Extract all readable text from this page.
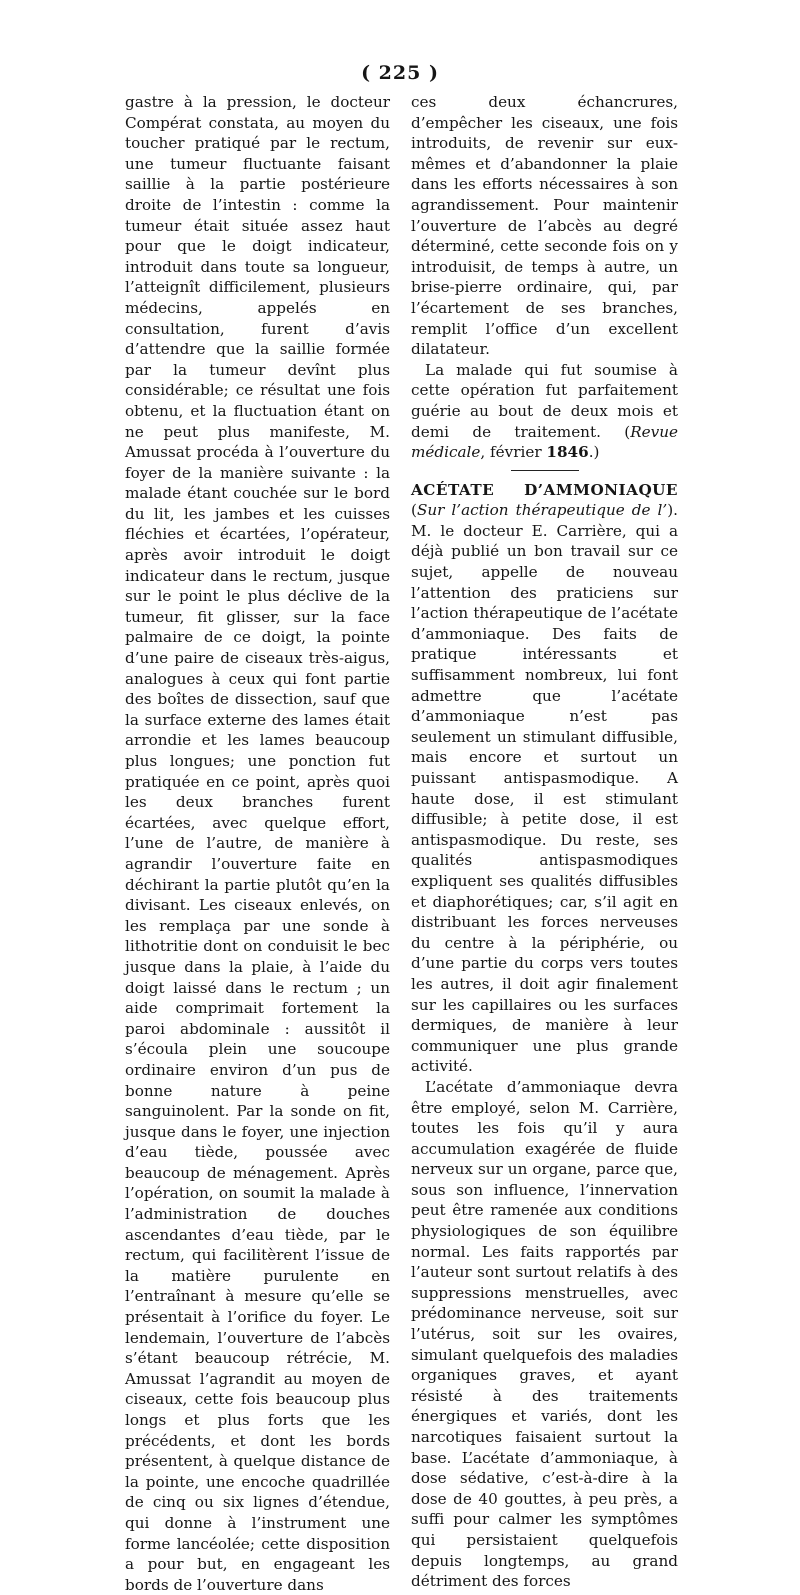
( 225 )

gastre à la pression, le docteur Compérat constata, au moyen du toucher pratiqué par le rectum, une tumeur fluctuante faisant saillie à la partie postérieure droite de l’intestin : comme la tumeur était située assez haut pour que le doigt indicateur, introduit dans toute sa longueur, l’atteignît difficilement, plusieurs médecins, appelés en consultation, furent d’avis d’attendre que la saillie formée par la tumeur devînt plus considérable; ce résultat une fois obtenu, et la fluctuation étant on ne peut plus manifeste, M. Amussat procéda à l’ouverture du foyer de la manière suivante : la malade étant couchée sur le bord du lit, les jambes et les cuisses fléchies et écartées, l’opérateur, après avoir introduit le doigt indicateur dans le rectum, jusque sur le point le plus déclive de la tumeur, fit glisser, sur la face palmaire de ce doigt, la pointe d’une paire de ciseaux très-aigus, analogues à ceux qui font partie des boîtes de dissection, sauf que la surface externe des lames était arrondie et les lames beaucoup plus longues; une ponction fut pratiquée en ce point, après quoi les deux branches furent écartées, avec quelque effort, l’une de l’autre, de manière à agrandir l’ouverture faite en déchirant la partie plutôt qu’en la divisant. Les ciseaux enlevés, on les remplaça par une sonde à lithotritie dont on conduisit le bec jusque dans la plaie, à l’aide du doigt laissé dans le rectum ; un aide comprimait fortement la paroi abdominale : aussitôt il s’écoula plein une soucoupe ordinaire environ d’un pus de bonne nature à peine sanguinolent. Par la sonde on fit, jusque dans le foyer, une injection d’eau tiède, poussée avec beaucoup de ménagement. Après l’opération, on soumit la malade à l’administration de douches ascendantes d’eau tiède, par le rectum, qui facilitèrent l’issue de la matière purulente en l’entraînant à mesure qu’elle se présentait à l’orifice du foyer. Le lendemain, l’ouverture de l’abcès s’étant beaucoup rétrécie, M. Amussat l’agrandit au moyen de ciseaux, cette fois beaucoup plus longs et plus forts que les précédents, et dont les bords présentent, à quelque distance de la pointe, une encoche quadrillée de cinq ou six lignes d’étendue, qui donne à l’instrument une forme lancéolée; cette disposition a pour but, en engageant les bords de l’ouverture dans

ces deux échancrures, d’empêcher les ciseaux, une fois introduits, de revenir sur eux-mêmes et d’abandonner la plaie dans les efforts nécessaires à son agrandissement. Pour maintenir l’ouverture de l’abcès au degré déterminé, cette seconde fois on y introduisit, de temps à autre, un brise-pierre ordinaire, qui, par l’écartement de ses branches, remplit l’office d’un excellent dilatateur.

La malade qui fut soumise à cette opération fut parfaitement guérie au bout de deux mois et demi de traitement. (Revue médicale, février 1846.)

ACÉTATE D’AMMONIAQUE (Sur l’action thérapeutique de l’). M. le docteur E. Carrière, qui a déjà publié un bon travail sur ce sujet, appelle de nouveau l’attention des praticiens sur l’action thérapeutique de l’acétate d’ammoniaque. Des faits de pratique intéressants et suffisamment nombreux, lui font admettre que l’acétate d’ammoniaque n’est pas seulement un stimulant diffusible, mais encore et surtout un puissant antispasmodique. A haute dose, il est stimulant diffusible; à petite dose, il est antispasmodique. Du reste, ses qualités antispasmodiques expliquent ses qualités diffusibles et diaphorétiques; car, s’il agit en distribuant les forces nerveuses du centre à la périphérie, ou d’une partie du corps vers toutes les autres, il doit agir finalement sur les capillaires ou les surfaces dermiques, de manière à leur communiquer une plus grande activité.

L’acétate d’ammoniaque devra être employé, selon M. Carrière, toutes les fois qu’il y aura accumulation exagérée de fluide nerveux sur un organe, parce que, sous son influence, l’innervation peut être ramenée aux conditions physiologiques de son équilibre normal. Les faits rapportés par l’auteur sont surtout relatifs à des suppressions menstruelles, avec prédominance nerveuse, soit sur l’utérus, soit sur les ovaires, simulant quelquefois des maladies organiques graves, et ayant résisté à des traitements énergiques et variés, dont les narcotiques faisaient surtout la base. L’acétate d’ammoniaque, à dose sédative, c’est-à-dire à la dose de 40 gouttes, à peu près, a suffi pour calmer les symptômes qui persistaient quelquefois depuis longtemps, au grand détriment des forces
